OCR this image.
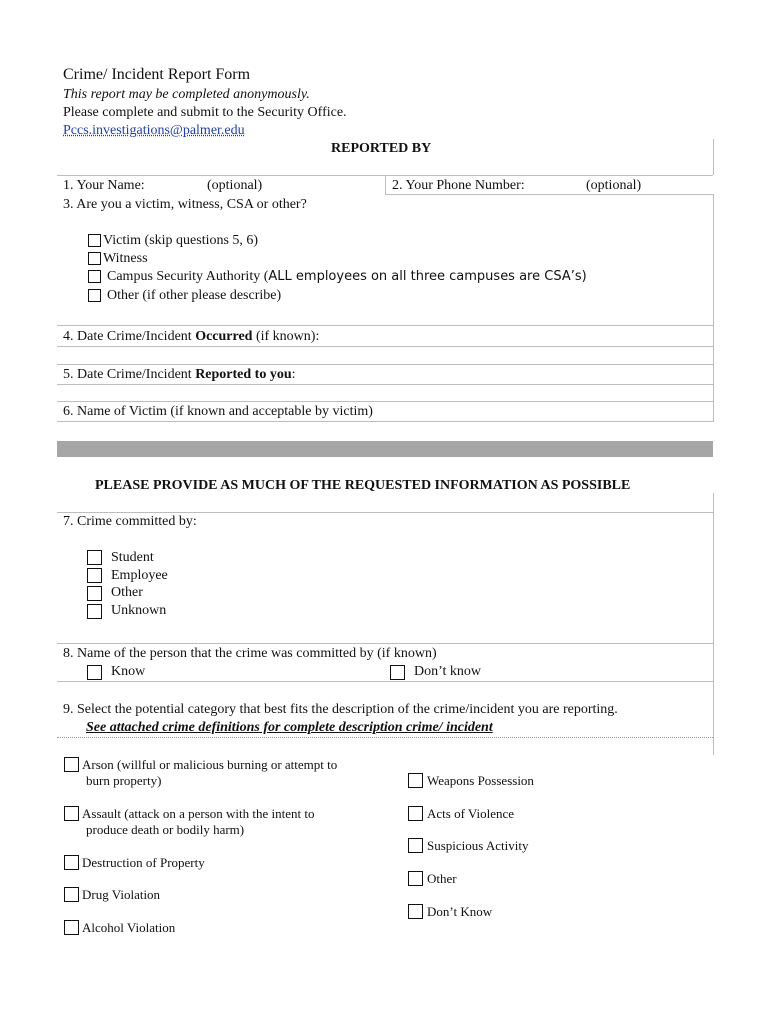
Crime/ Incident Report Form
This report may be completed anonymously.
Please complete and submit to the Security Office.
Pccs.investigations@palmer.edu
REPORTED BY
1. Your Name:	(optional)	2. Your Phone Number:	(optional)
3. Are you a victim, witness, CSA or other?
Victim (skip questions 5, 6)
Witness
Campus Security Authority (ALL employees on all three campuses are CSA’s)
Other (if other please describe)
4. Date Crime/Incident Occurred (if known):
5. Date Crime/Incident Reported to you:
6. Name of Victim (if known and acceptable by victim)
PLEASE PROVIDE AS MUCH OF THE REQUESTED INFORMATION AS POSSIBLE
7. Crime committed by:
Student
Employee
Other
Unknown
8. Name of the person that the crime was committed by (if known)
Know	Don’t know
9. Select the potential category that best fits the description of the crime/incident you are reporting.
See attached crime definitions for complete description crime/ incident
Arson (willful or malicious burning or attempt to
burn property)
Assault (attack on a person with the intent to
produce death or bodily harm)
Destruction of Property
Drug Violation
Alcohol Violation
Weapons Possession
Acts of Violence
Suspicious Activity
Other
Don’t Know
